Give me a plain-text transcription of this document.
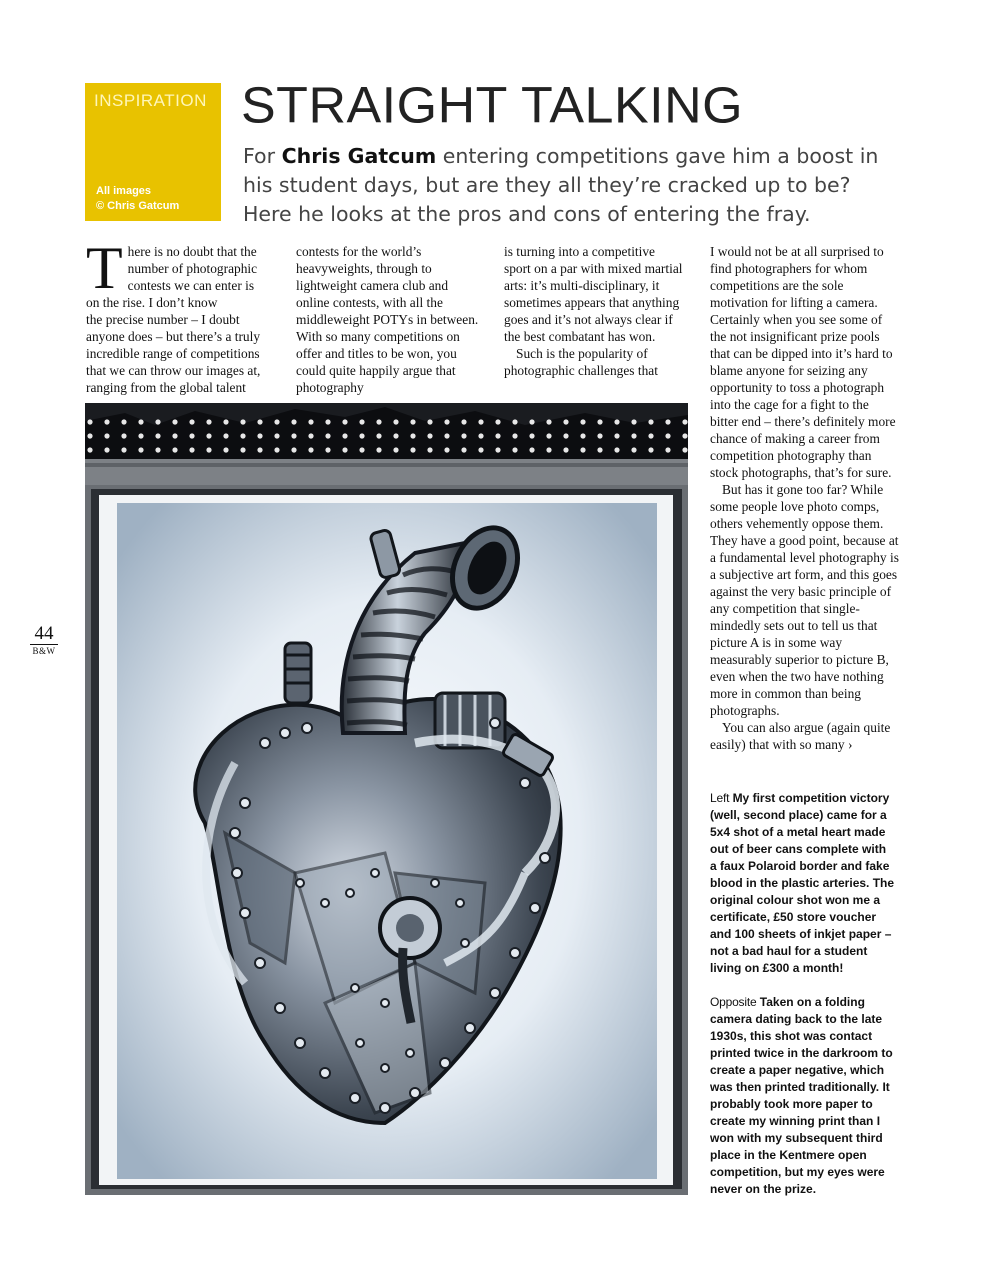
INSPIRATION
All images
© Chris Gatcum
STRAIGHT TALKING
For Chris Gatcum entering competitions gave him a boost in his student days, but are they all they’re cracked up to be? Here he looks at the pros and cons of entering the fray.
T here is no doubt that the
number of photographic
contests we can enter is
on the rise. I don’t know
the precise number – I doubt anyone does – but there’s a truly incredible range of competitions that we can throw our images at, ranging from the global talent

contests for the world’s heavyweights, through to lightweight camera club and online contests, with all the middleweight POTYs in between. With so many competitions on offer and titles to be won, you could quite happily argue that photography

is turning into a competitive sport on a par with mixed martial arts: it’s multi-disciplinary, it sometimes appears that anything goes and it’s not always clear if the best combatant has won.

Such is the popularity of photographic challenges that

I would not be at all surprised to find photographers for whom competitions are the sole motivation for lifting a camera. Certainly when you see some of the not insignificant prize pools that can be dipped into it’s hard to blame anyone for seizing any opportunity to toss a photograph into the cage for a fight to the bitter end – there’s definitely more chance of making a career from competition photography than stock photographs, that’s for sure.

But has it gone too far? While some people love photo comps, others vehemently oppose them. They have a good point, because at a fundamental level photography is a subjective art form, and this goes against the very basic principle of any competition that single-mindedly sets out to tell us that picture A is in some way measurably superior to picture B, even when the two have nothing more in common than being photographs.

You can also argue (again quite easily) that with so many ›

44
B&W
Left My first competition victory (well, second place) came for a 5x4 shot of a metal heart made out of beer cans complete with a faux Polaroid border and fake blood in the plastic arteries. The original colour shot won me a certificate, £50 store voucher and 100 sheets of inkjet paper – not a bad haul for a student living on £300 a month!
Opposite Taken on a folding camera dating back to the late 1930s, this shot was contact printed twice in the darkroom to create a paper negative, which was then printed traditionally. It probably took more paper to create my winning print than I won with my subsequent third place in the Kentmere open competition, but my eyes were never on the prize.
